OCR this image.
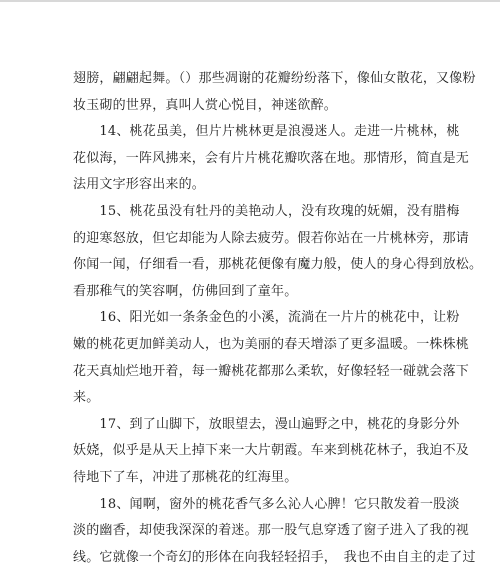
翅膀，翩翩起舞。（）那些凋谢的花瓣纷纷落下，像仙女散花，又像粉
妆玉砌的世界，真叫人赏心悦目，神迷欲醉。
　　14、桃花虽美，但片片桃林更是浪漫迷人。走进一片桃林，桃
花似海，一阵风拂来，会有片片桃花瓣吹落在地。那情形，简直是无
法用文字形容出来的。
　　15、桃花虽没有牡丹的美艳动人，没有玫瑰的妩媚，没有腊梅
的迎寒怒放，但它却能为人除去疲劳。假若你站在一片桃林旁，那请
你闻一闻，仔细看一看，那桃花便像有魔力般，使人的身心得到放松。
看那稚气的笑容啊，仿佛回到了童年。
　　16、阳光如一条条金色的小溪，流淌在一片片的桃花中，让粉
嫩的桃花更加鲜美动人，也为美丽的春天增添了更多温暖。一株株桃
花天真灿烂地开着，每一瓣桃花都那么柔软，好像轻轻一碰就会落下
来。
　　17、到了山脚下，放眼望去，漫山遍野之中，桃花的身影分外
妖娆，似乎是从天上掉下来一大片朝霞。车来到桃花林子，我迫不及
待地下了车，冲进了那桃花的红海里。
　　18、闻啊，窗外的桃花香气多么沁人心脾！它只散发着一股淡
淡的幽香，却使我深深的着迷。那一股气息穿透了窗子进入了我的视
线。它就像一个奇幻的形体在向我轻轻招手，　我也不由自主的走了过
